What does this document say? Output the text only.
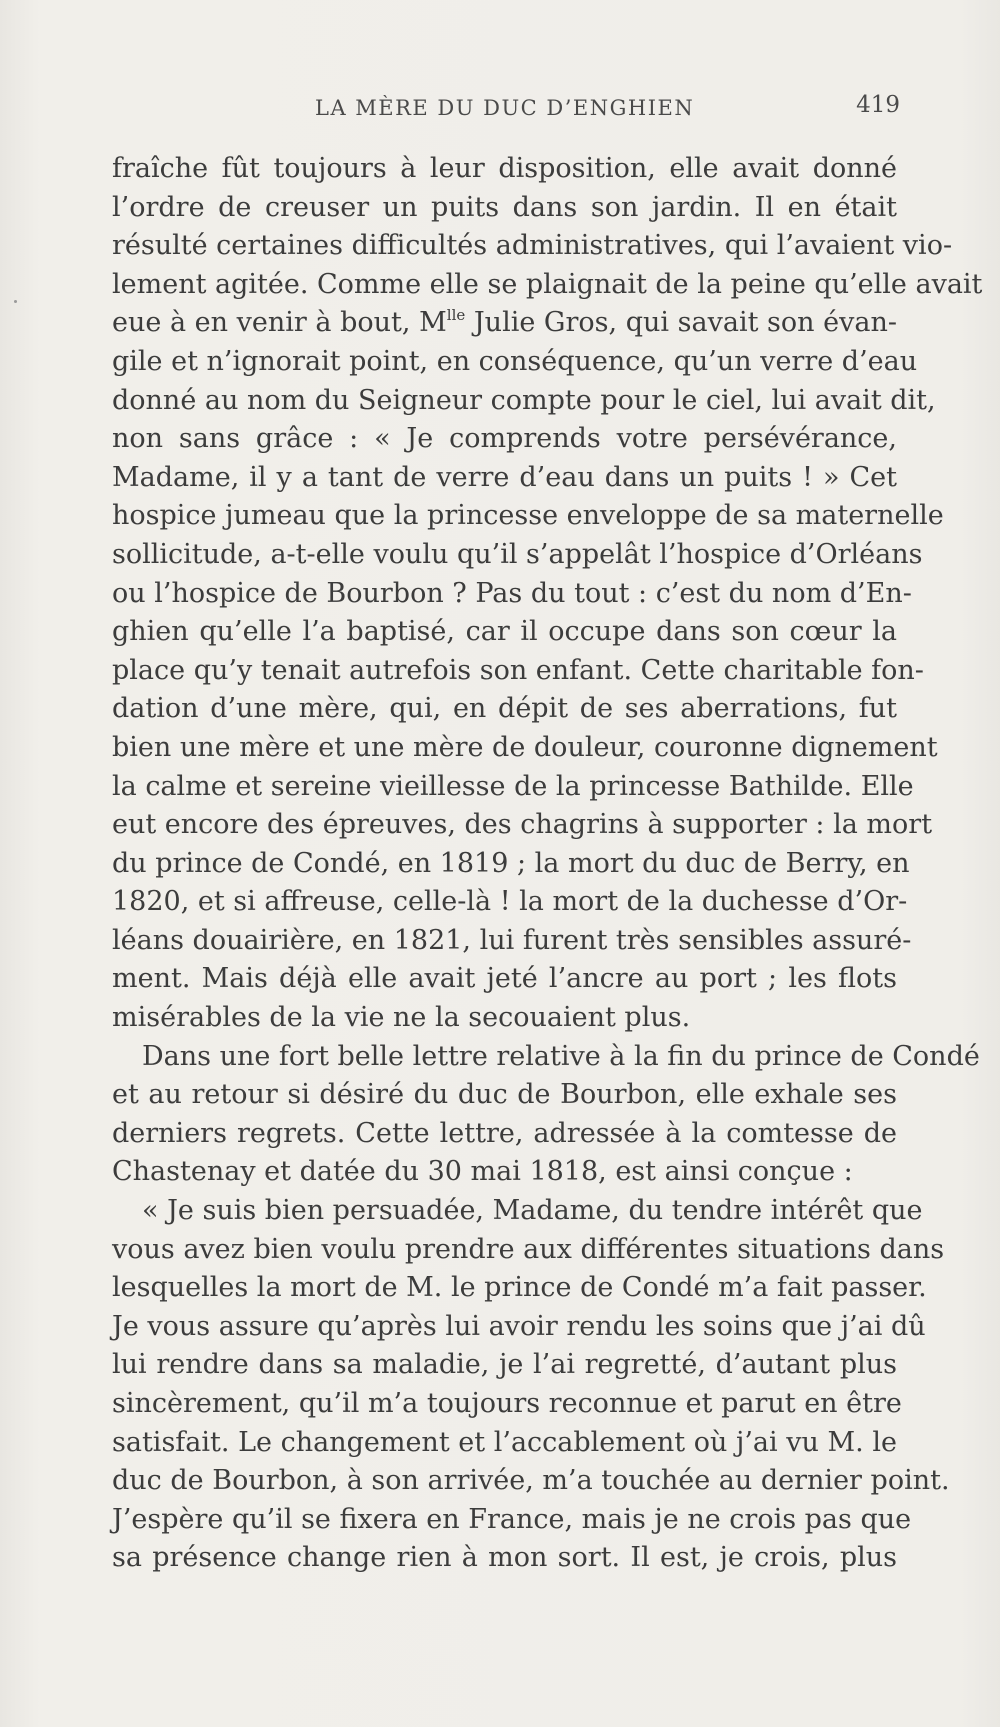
LA MÈRE DU DUC D’ENGHIEN	419
fraîche fût toujours à leur disposition, elle avait donné
l’ordre de creuser un puits dans son jardin. Il en était
résulté certaines difficultés administratives, qui l’avaient vio-
lement agitée. Comme elle se plaignait de la peine qu’elle avait
eue à en venir à bout, $M^{lle}$ Julie Gros, qui savait son évan-
gile et n’ignorait point, en conséquence, qu’un verre d’eau
donné au nom du Seigneur compte pour le ciel, lui avait dit,
non sans grâce : « Je comprends votre persévérance,
Madame, il y a tant de verre d’eau dans un puits ! » Cet
hospice jumeau que la princesse enveloppe de sa maternelle
sollicitude, a-t-elle voulu qu’il s’appelât l’hospice d’Orléans
ou l’hospice de Bourbon ? Pas du tout : c’est du nom d’En-
ghien qu’elle l’a baptisé, car il occupe dans son cœur la
place qu’y tenait autrefois son enfant. Cette charitable fon-
dation d’une mère, qui, en dépit de ses aberrations, fut
bien une mère et une mère de douleur, couronne dignement
la calme et sereine vieillesse de la princesse Bathilde. Elle
eut encore des épreuves, des chagrins à supporter : la mort
du prince de Condé, en 1819 ; la mort du duc de Berry, en
1820, et si affreuse, celle-là ! la mort de la duchesse d’Or-
léans douairière, en 1821, lui furent très sensibles assuré-
ment. Mais déjà elle avait jeté l’ancre au port ; les flots
misérables de la vie ne la secouaient plus.
Dans une fort belle lettre relative à la fin du prince de Condé
et au retour si désiré du duc de Bourbon, elle exhale ses
derniers regrets. Cette lettre, adressée à la comtesse de
Chastenay et datée du 30 mai 1818, est ainsi conçue :
« Je suis bien persuadée, Madame, du tendre intérêt que
vous avez bien voulu prendre aux différentes situations dans
lesquelles la mort de M. le prince de Condé m’a fait passer.
Je vous assure qu’après lui avoir rendu les soins que j’ai dû
lui rendre dans sa maladie, je l’ai regretté, d’autant plus
sincèrement, qu’il m’a toujours reconnue et parut en être
satisfait. Le changement et l’accablement où j’ai vu M. le
duc de Bourbon, à son arrivée, m’a touchée au dernier point.
J’espère qu’il se fixera en France, mais je ne crois pas que
sa présence change rien à mon sort. Il est, je crois, plus
